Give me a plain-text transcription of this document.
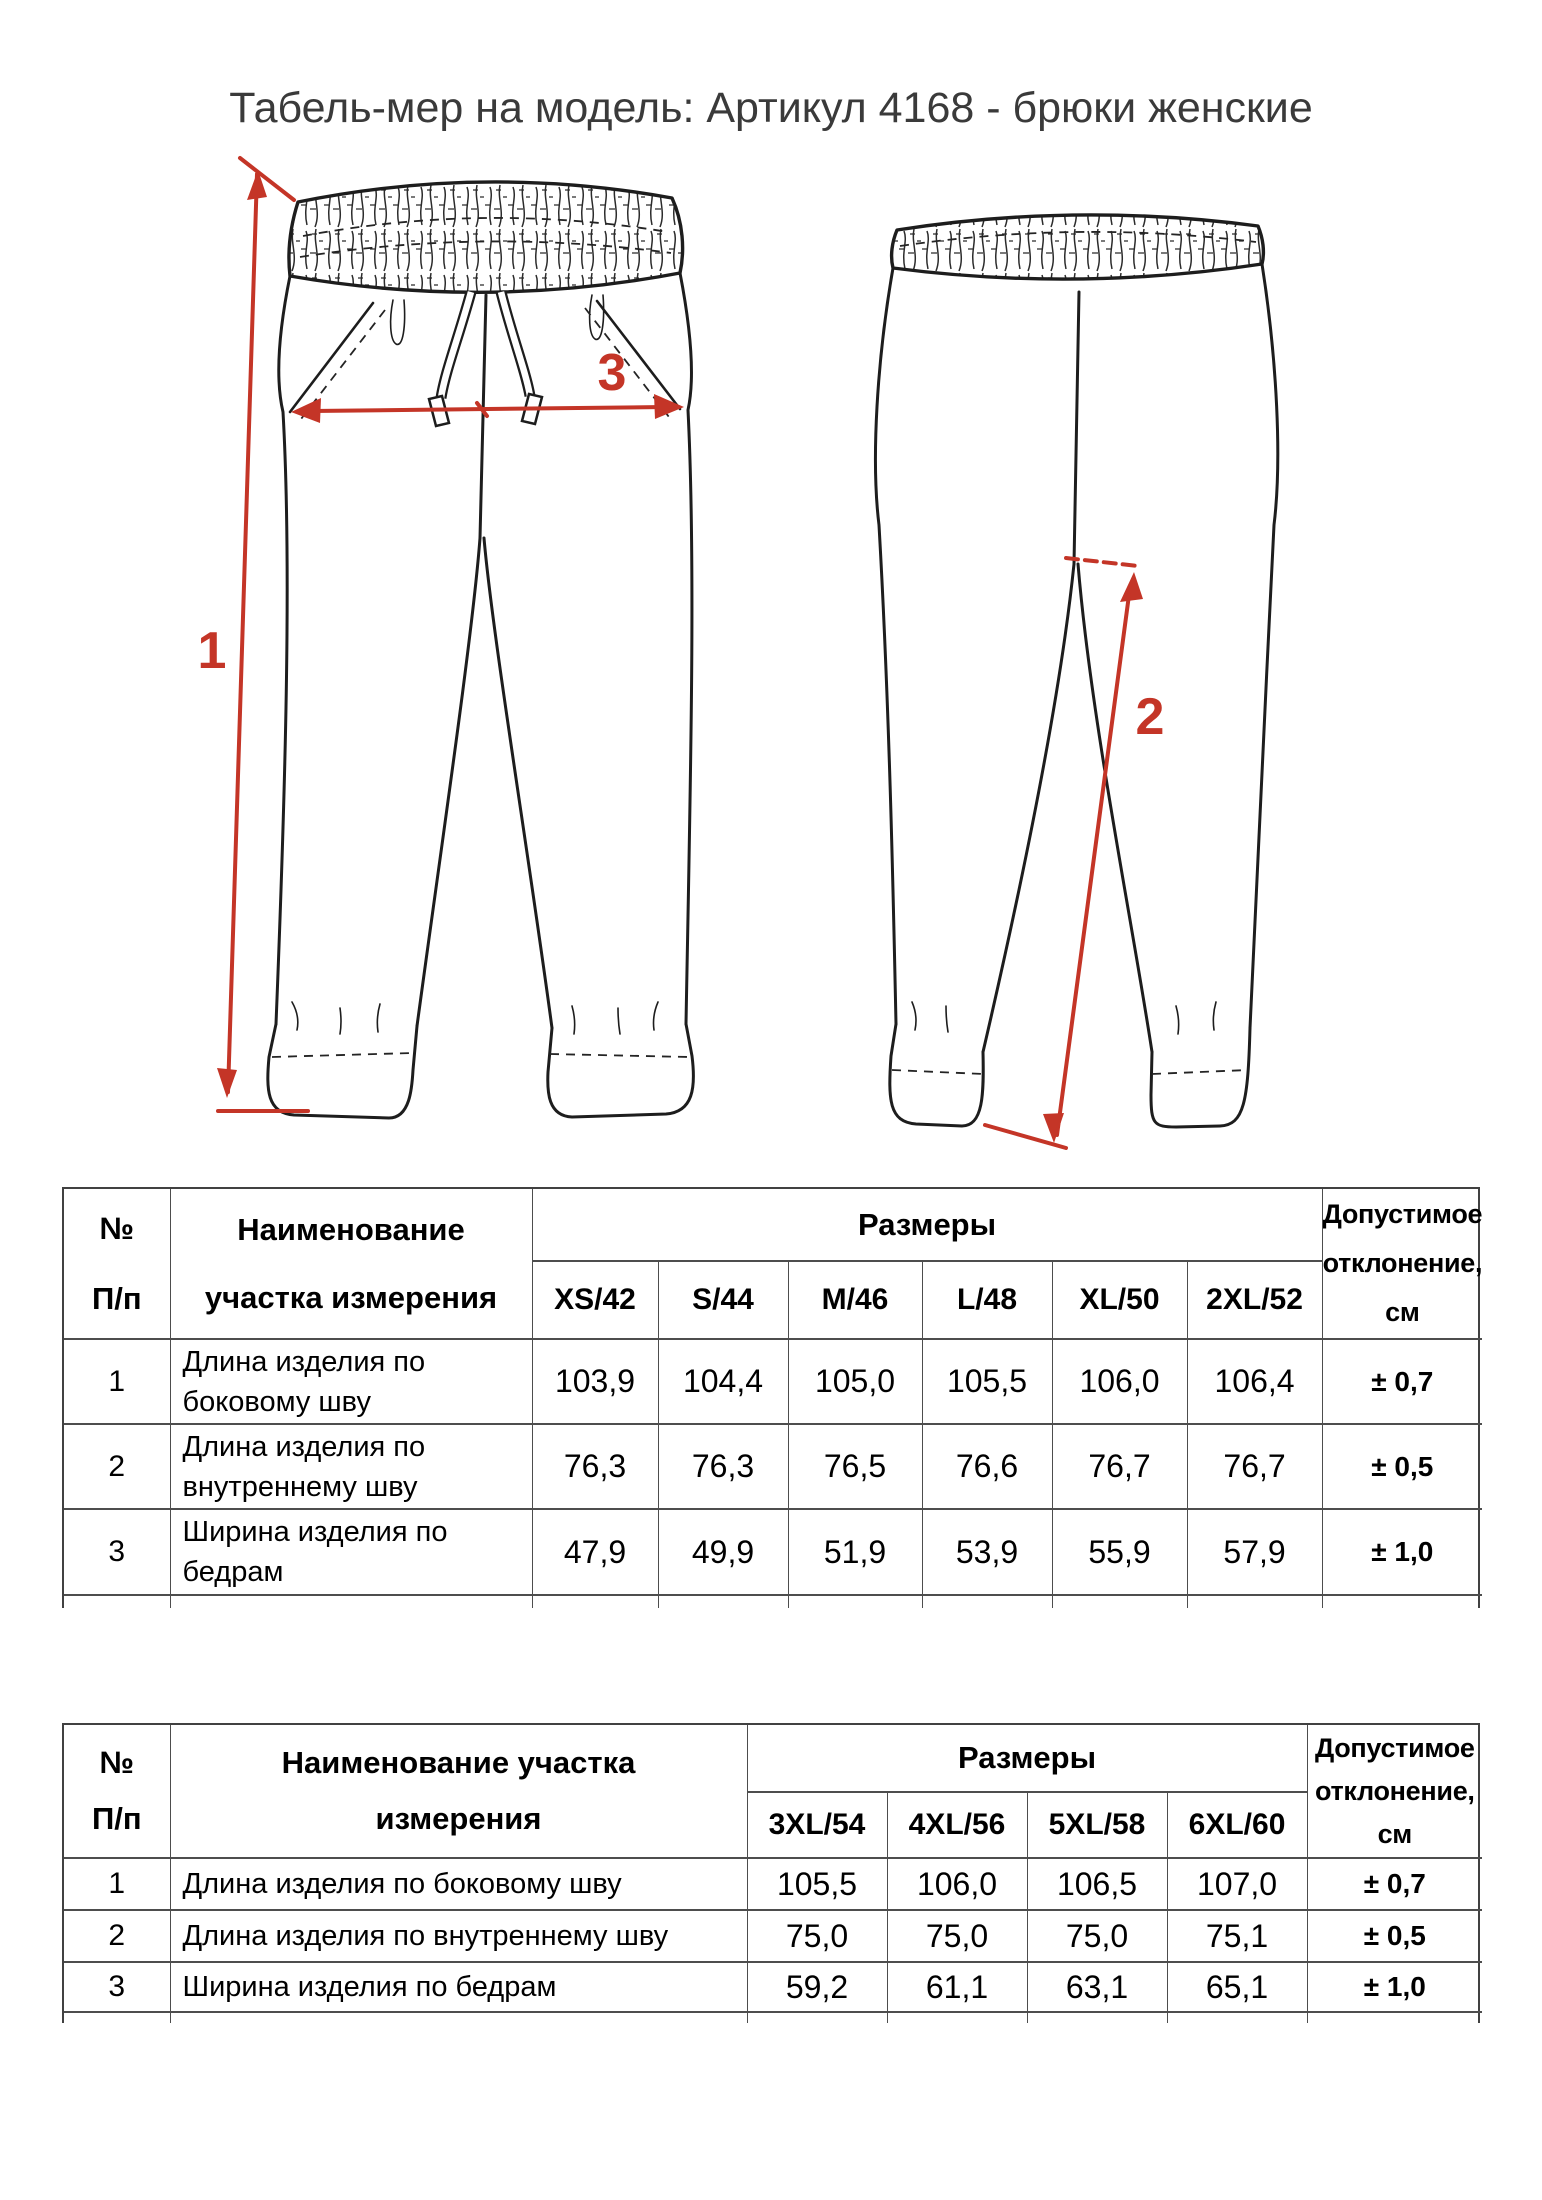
Табель-мер на модель: Артикул 4168 - брюки женские
1
3
2
№
П/п	Наименование
участка измерения	Размеры						Допустимое
отклонение,
см
		XS/42	S/44	M/46	L/48	XL/50	2XL/52	
1	Длина изделия по
боковому шву	103,9	104,4	105,0	105,5	106,0	106,4	± 0,7
2	Длина изделия по
внутреннему шву	76,3	76,3	76,5	76,6	76,7	76,7	± 0,5
3	Ширина изделия по
бедрам	47,9	49,9	51,9	53,9	55,9	57,9	± 1,0

№
П/п	Наименование участка
измерения	Размеры				Допустимое
отклонение,
см
		3XL/54	4XL/56	5XL/58	6XL/60	
1	Длина изделия по боковому шву	105,5	106,0	106,5	107,0	± 0,7
2	Длина изделия по внутреннему шву	75,0	75,0	75,0	75,1	± 0,5
3	Ширина изделия по бедрам	59,2	61,1	63,1	65,1	± 1,0
